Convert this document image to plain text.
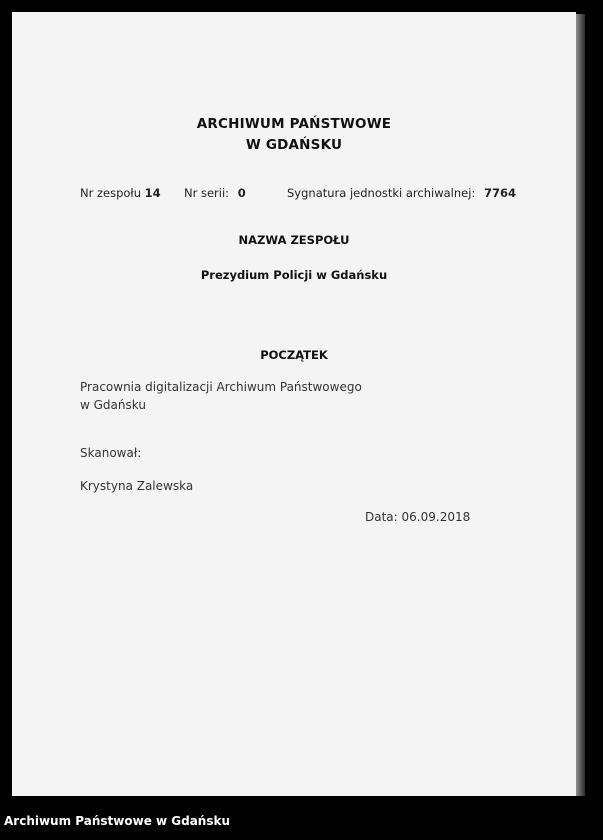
ARCHIWUM PAŃSTWOWE
W GDAŃSKU
Nr zespołu 14 Nr serii: 0	Sygnatura jednostki archiwalnej: 7764
NAZWA ZESPOŁU
Prezydium Policji w Gdańsku
POCZĄTEK
Pracownia digitalizacji Archiwum Państwowego
w Gdańsku
Skanował:
Krystyna Zalewska
Data: 06.09.2018
Archiwum Państwowe w Gdańsku
